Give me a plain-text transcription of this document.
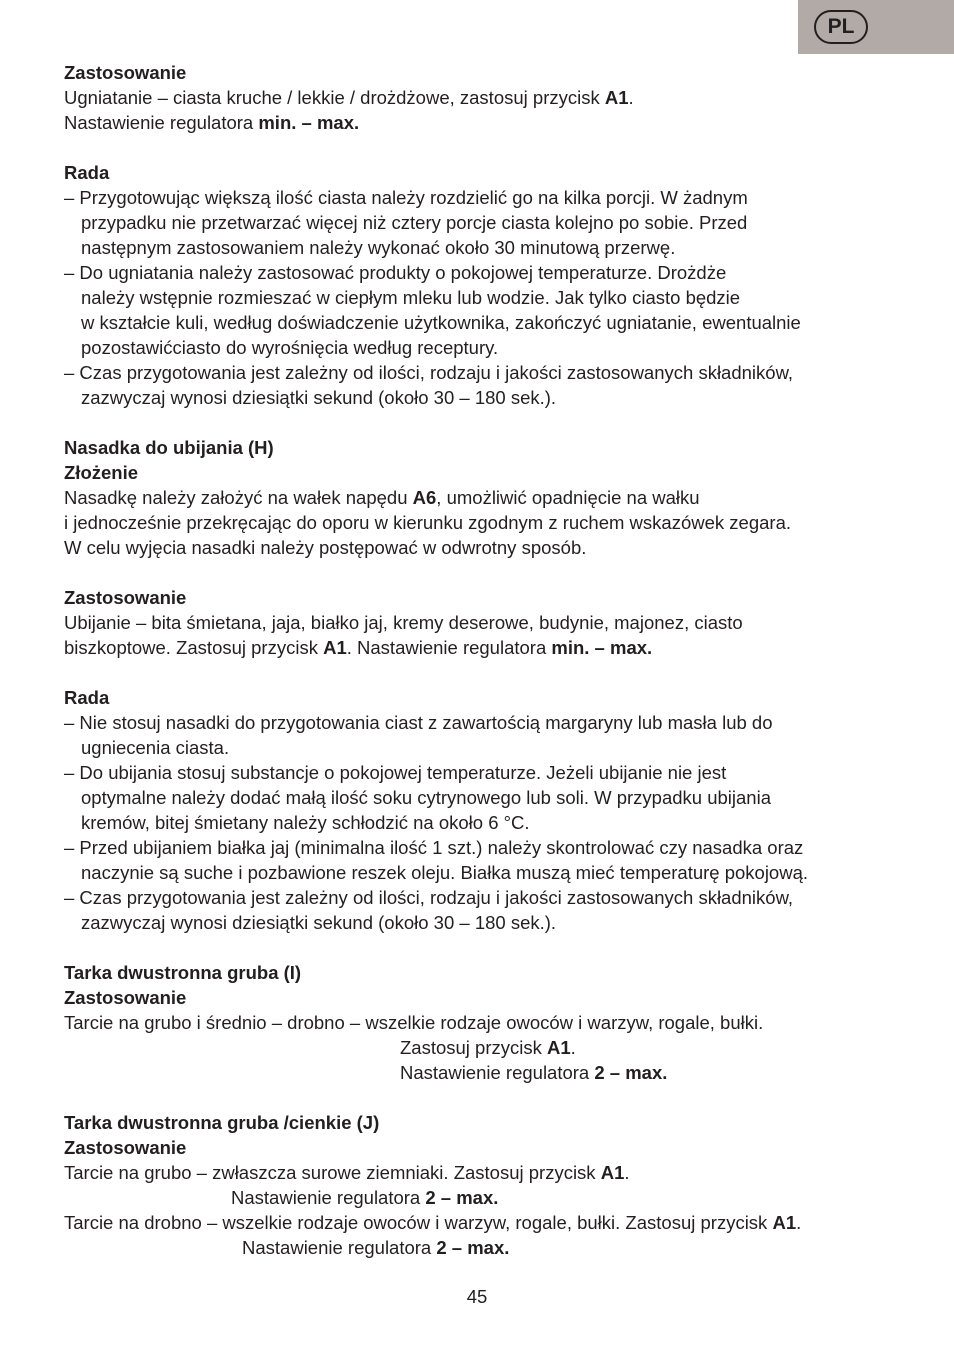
PL
Zastosowanie
Ugniatanie – ciasta kruche / lekkie / drożdżowe, zastosuj przycisk A1.
Nastawienie regulatora min. – max.
Rada
– Przygotowując większą ilość ciasta należy rozdzielić go na kilka porcji. W żadnym
przypadku nie przetwarzać więcej niż cztery porcje ciasta kolejno po sobie. Przed
następnym zastosowaniem należy wykonać około 30 minutową przerwę.
– Do ugniatania należy zastosować produkty o pokojowej temperaturze. Drożdże
należy wstępnie rozmieszać w ciepłym mleku lub wodzie. Jak tylko ciasto będzie
w kształcie kuli, według doświadczenie użytkownika, zakończyć ugniatanie, ewentualnie
pozostawićciasto do wyrośnięcia według receptury.
– Czas przygotowania jest zależny od ilości, rodzaju i jakości zastosowanych składników,
zazwyczaj wynosi dziesiątki sekund (około 30 – 180 sek.).
Nasadka do ubijania (H)
Złożenie
Nasadkę należy założyć na wałek napędu A6, umożliwić opadnięcie na wałku
i jednocześnie przekręcając do oporu w kierunku zgodnym z ruchem wskazówek zegara.
W celu wyjęcia nasadki należy postępować w odwrotny sposób.
Zastosowanie
Ubijanie – bita śmietana, jaja, białko jaj, kremy deserowe, budynie, majonez, ciasto
biszkoptowe. Zastosuj przycisk A1. Nastawienie regulatora min. – max.
Rada
– Nie stosuj nasadki do przygotowania ciast z zawartością margaryny lub masła lub do
ugniecenia ciasta.
– Do ubijania stosuj substancje o pokojowej temperaturze. Jeżeli ubijanie nie jest
optymalne należy dodać małą ilość soku cytrynowego lub soli. W przypadku ubijania
kremów, bitej śmietany należy schłodzić na około 6 °C.
– Przed ubijaniem białka jaj (minimalna ilość 1 szt.) należy skontrolować czy nasadka oraz
naczynie są suche i pozbawione reszek oleju. Białka muszą mieć temperaturę pokojową.
– Czas przygotowania jest zależny od ilości, rodzaju i jakości zastosowanych składników,
zazwyczaj wynosi dziesiątki sekund (około 30 – 180 sek.).
Tarka dwustronna gruba (I)
Zastosowanie
Tarcie na grubo i średnio – drobno – wszelkie rodzaje owoców i warzyw, rogale, bułki.
Zastosuj przycisk A1.
Nastawienie regulatora 2 – max.
Tarka dwustronna gruba /cienkie (J)
Zastosowanie
Tarcie na grubo – zwłaszcza surowe ziemniaki. Zastosuj przycisk A1.
Nastawienie regulatora 2 – max.
Tarcie na drobno – wszelkie rodzaje owoców i warzyw, rogale, bułki. Zastosuj przycisk A1.
Nastawienie regulatora 2 – max.
45
